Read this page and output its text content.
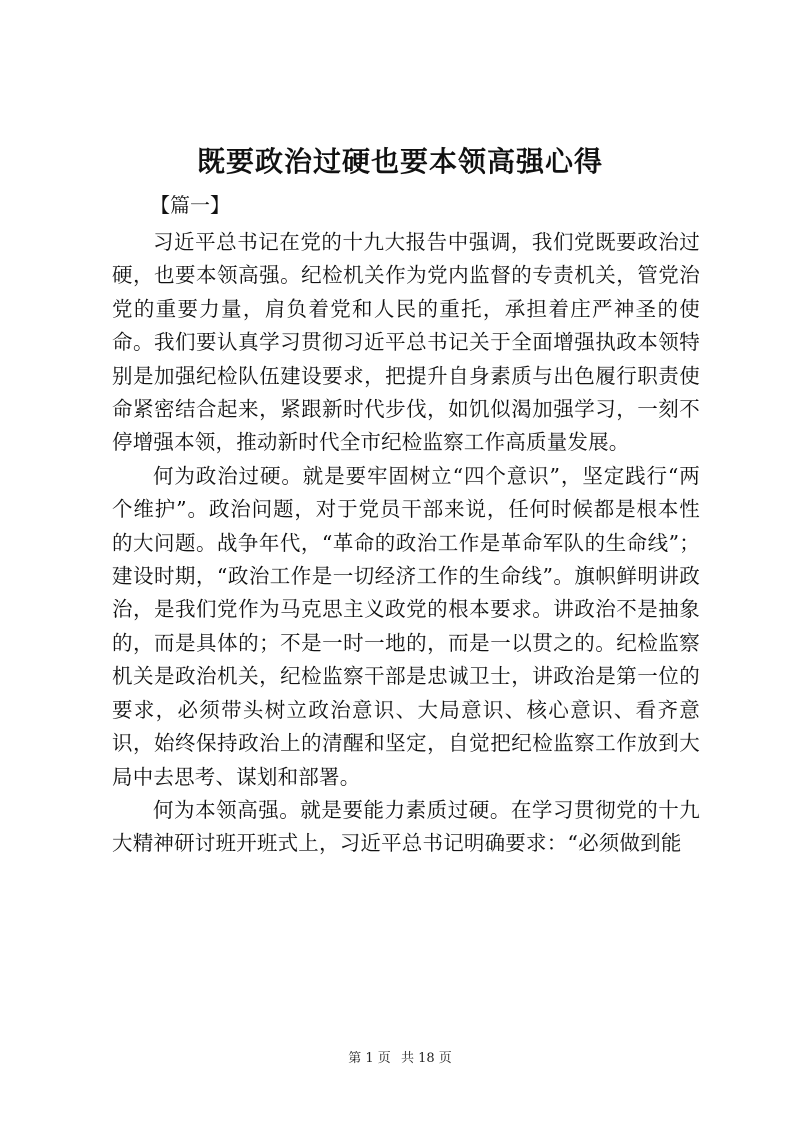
既要政治过硬也要本领高强心得
【篇一】

习近平总书记在党的十九大报告中强调，我们党既要政治过硬，也要本领高强。纪检机关作为党内监督的专责机关，管党治党的重要力量，肩负着党和人民的重托，承担着庄严神圣的使命。我们要认真学习贯彻习近平总书记关于全面增强执政本领特别是加强纪检队伍建设要求，把提升自身素质与出色履行职责使命紧密结合起来，紧跟新时代步伐，如饥似渴加强学习，一刻不停增强本领，推动新时代全市纪检监察工作高质量发展。

何为政治过硬。就是要牢固树立“四个意识”，坚定践行“两个维护”。政治问题，对于党员干部来说，任何时候都是根本性的大问题。战争年代，“革命的政治工作是革命军队的生命线”；建设时期，“政治工作是一切经济工作的生命线”。旗帜鲜明讲政治，是我们党作为马克思主义政党的根本要求。讲政治不是抽象的，而是具体的；不是一时一地的，而是一以贯之的。纪检监察机关是政治机关，纪检监察干部是忠诚卫士，讲政治是第一位的要求，必须带头树立政治意识、大局意识、核心意识、看齐意识，始终保持政治上的清醒和坚定，自觉把纪检监察工作放到大局中去思考、谋划和部署。

何为本领高强。就是要能力素质过硬。在学习贯彻党的十九大精神研讨班开班式上，习近平总书记明确要求：“必须做到能

第 1 页 共 18 页
